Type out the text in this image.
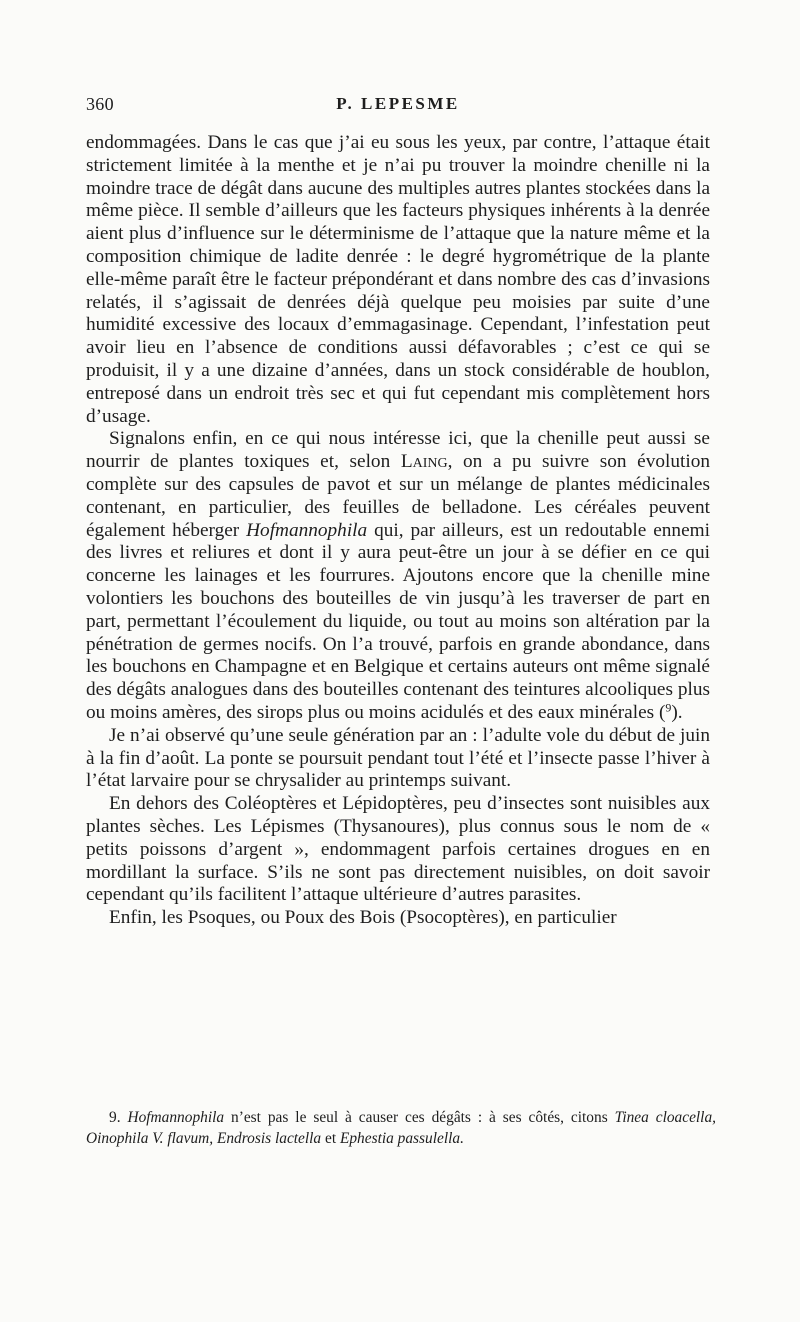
360	P. LEPESME

endommagées. Dans le cas que j’ai eu sous les yeux, par contre, l’attaque était strictement limitée à la menthe et je n’ai pu trouver la moindre chenille ni la moindre trace de dégât dans aucune des multiples autres plantes stockées dans la même pièce. Il semble d’ailleurs que les facteurs physiques inhérents à la denrée aient plus d’influence sur le déterminisme de l’attaque que la nature même et la composition chimique de ladite denrée : le degré hygrométrique de la plante elle-même paraît être le facteur prépondérant et dans nombre des cas d’invasions relatés, il s’agissait de denrées déjà quelque peu moisies par suite d’une humidité excessive des locaux d’emmagasinage. Cependant, l’infestation peut avoir lieu en l’absence de conditions aussi défavorables ; c’est ce qui se produisit, il y a une dizaine d’années, dans un stock considérable de houblon, entreposé dans un endroit très sec et qui fut cependant mis complètement hors d’usage.

Signalons enfin, en ce qui nous intéresse ici, que la chenille peut aussi se nourrir de plantes toxiques et, selon Laing, on a pu suivre son évolution complète sur des capsules de pavot et sur un mélange de plantes médicinales contenant, en particulier, des feuilles de belladone. Les céréales peuvent également héberger Hofmannophila qui, par ailleurs, est un redoutable ennemi des livres et reliures et dont il y aura peut-être un jour à se défier en ce qui concerne les lainages et les fourrures. Ajoutons encore que la chenille mine volontiers les bouchons des bouteilles de vin jusqu’à les traverser de part en part, permettant l’écoulement du liquide, ou tout au moins son altération par la pénétration de germes nocifs. On l’a trouvé, parfois en grande abondance, dans les bouchons en Champagne et en Belgique et certains auteurs ont même signalé des dégâts analogues dans des bouteilles contenant des teintures alcooliques plus ou moins amères, des sirops plus ou moins acidulés et des eaux minérales ($^9$).

Je n’ai observé qu’une seule génération par an : l’adulte vole du début de juin à la fin d’août. La ponte se poursuit pendant tout l’été et l’insecte passe l’hiver à l’état larvaire pour se chrysalider au printemps suivant.

En dehors des Coléoptères et Lépidoptères, peu d’insectes sont nuisibles aux plantes sèches. Les Lépismes (Thysanoures), plus connus sous le nom de « petits poissons d’argent », endommagent parfois certaines drogues en en mordillant la surface. S’ils ne sont pas directement nuisibles, on doit savoir cependant qu’ils facilitent l’attaque ultérieure d’autres parasites.

Enfin, les Psoques, ou Poux des Bois (Psocoptères), en particulier

9. Hofmannophila n’est pas le seul à causer ces dégâts : à ses côtés, citons Tinea cloacella, Oinophila V. flavum, Endrosis lactella et Ephestia passulella.
